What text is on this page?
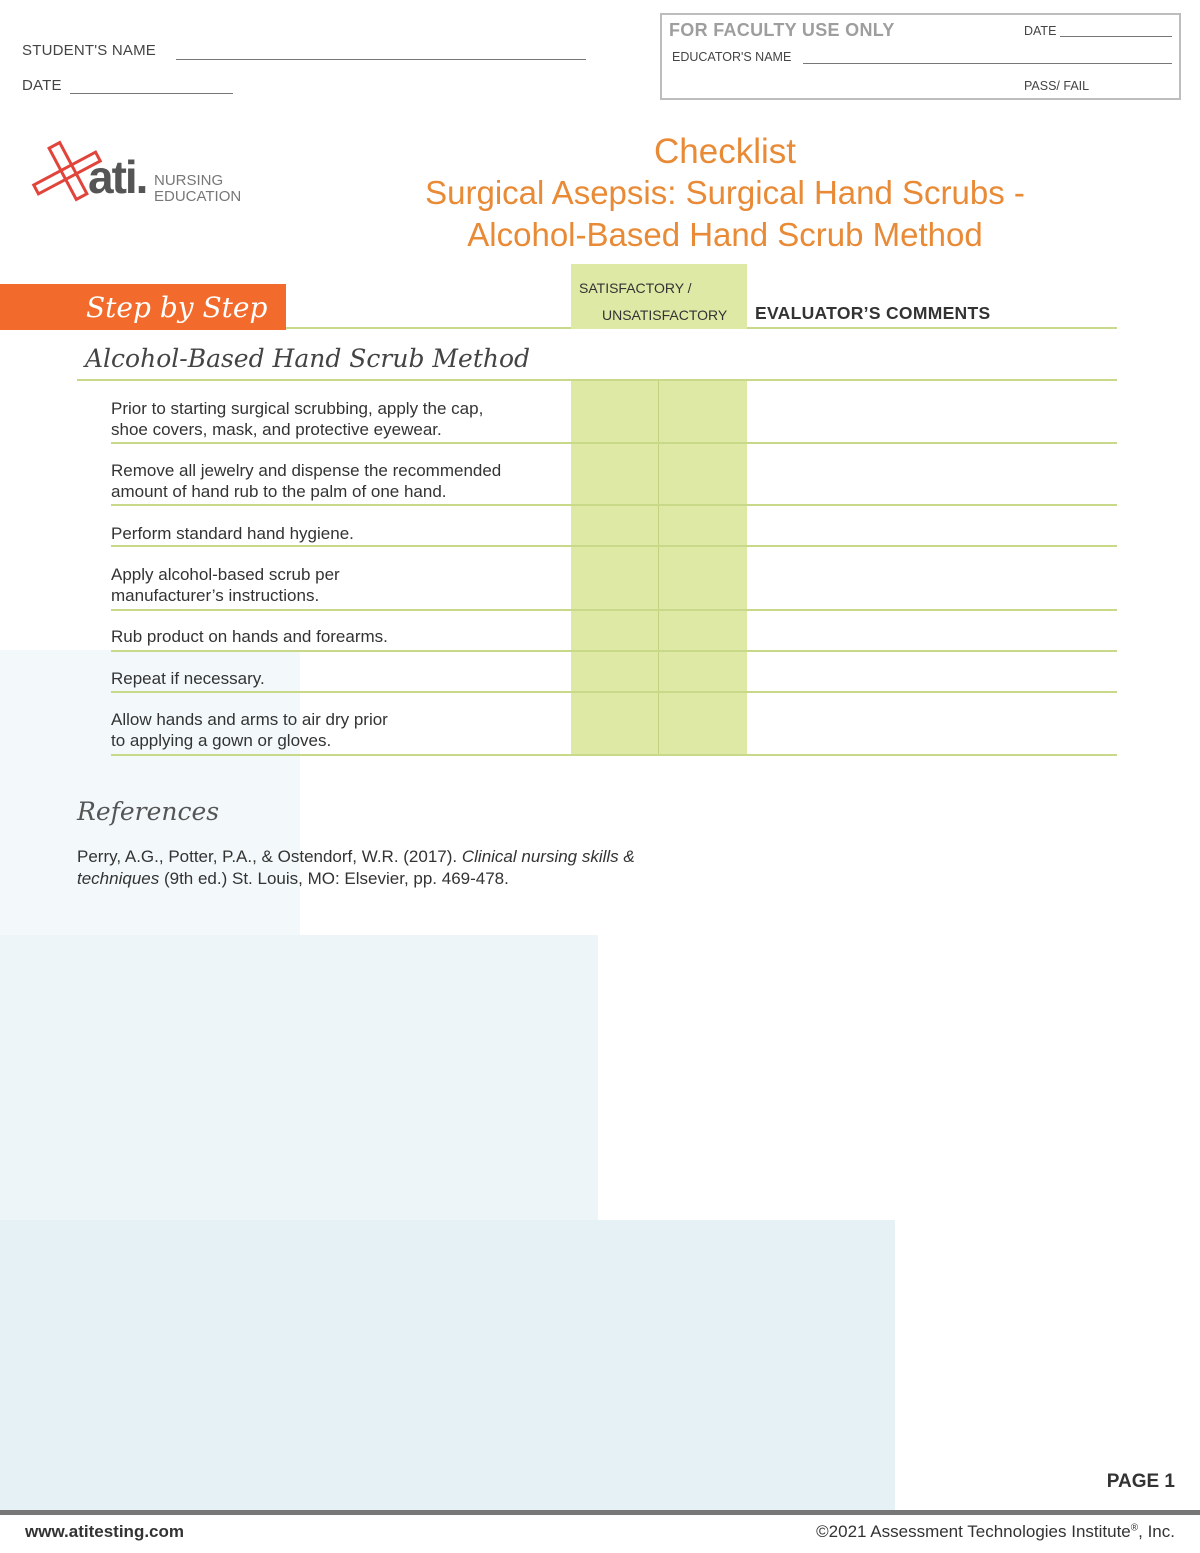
STUDENT'S NAME
DATE
FOR FACULTY USE ONLY	DATE
EDUCATOR'S NAME
PASS/ FAIL
ati. NURSING
EDUCATION
Checklist
Surgical Asepsis: Surgical Hand Scrubs -
Alcohol-Based Hand Scrub Method
Step by Step
SATISFACTORY /
UNSATISFACTORY EVALUATOR’S COMMENTS
Alcohol-Based Hand Scrub Method
Prior to starting surgical scrubbing, apply the cap,
shoe covers, mask, and protective eyewear.
Remove all jewelry and dispense the recommended
amount of hand rub to the palm of one hand.
Perform standard hand hygiene.
Apply alcohol-based scrub per
manufacturer’s instructions.
Rub product on hands and forearms.
Repeat if necessary.
Allow hands and arms to air dry prior
to applying a gown or gloves.
References
Perry, A.G., Potter, P.A., & Ostendorf, W.R. (2017). Clinical nursing skills &
techniques (9th ed.) St. Louis, MO: Elsevier, pp. 469-478.
PAGE 1
www.atitesting.com	©2021 Assessment Technologies Institute®, Inc.
